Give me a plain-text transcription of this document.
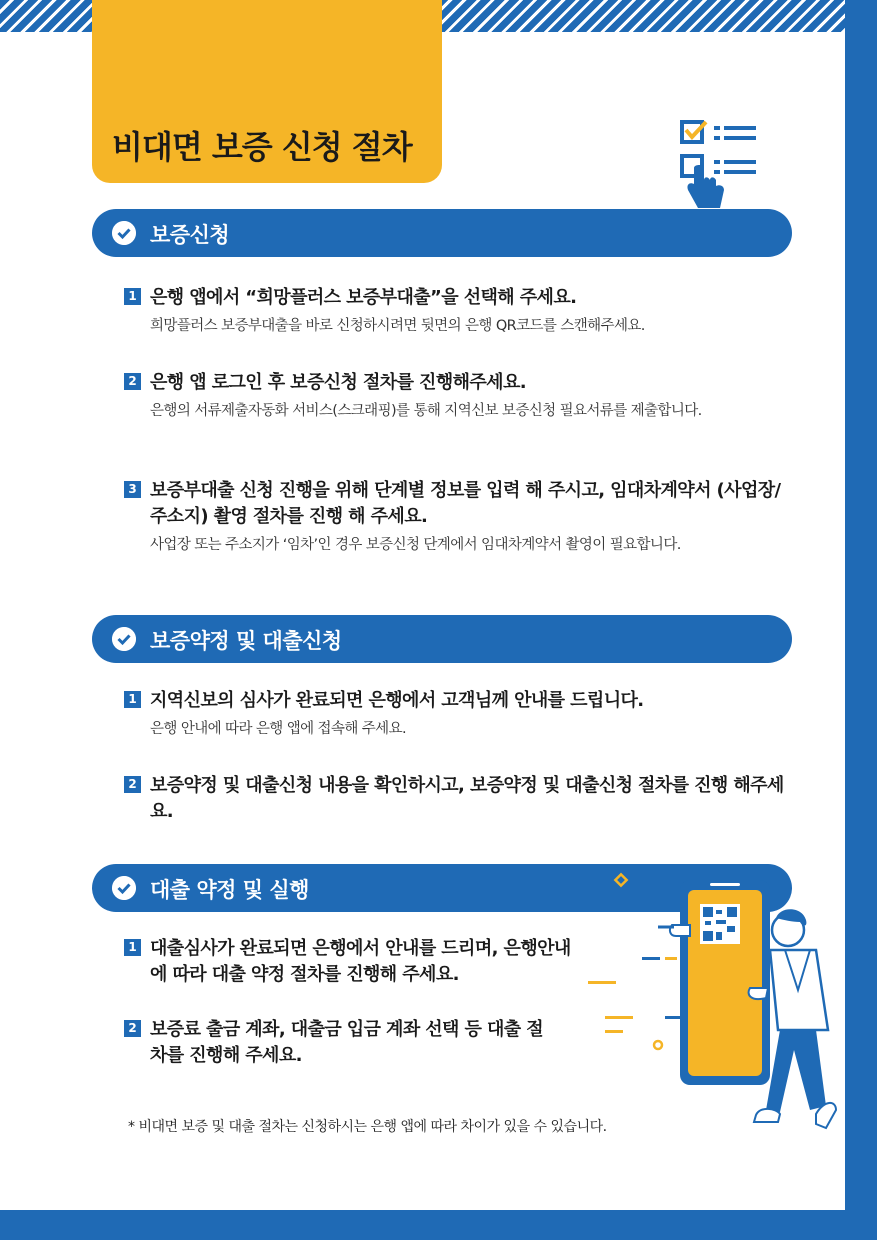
비대면 보증 신청 절차
보증신청
1 은행 앱에서 “희망플러스 보증부대출”을 선택해 주세요.
희망플러스 보증부대출을 바로 신청하시려면 뒷면의 은행 QR코드를 스캔해주세요.
2 은행 앱 로그인 후 보증신청 절차를 진행해주세요.
은행의 서류제출자동화 서비스(스크래핑)를 통해 지역신보 보증신청 필요서류를 제출합니다.
3 보증부대출 신청 진행을 위해 단계별 정보를 입력 해 주시고, 임대차계약서 (사업장/주소지) 촬영 절차를 진행 해 주세요.
사업장 또는 주소지가 ‘임차’인 경우 보증신청 단계에서 임대차계약서 촬영이 필요합니다.
보증약정 및 대출신청
1 지역신보의 심사가 완료되면 은행에서 고객님께 안내를 드립니다.
은행 안내에 따라 은행 앱에 접속해 주세요.
2 보증약정 및 대출신청 내용을 확인하시고, 보증약정 및 대출신청 절차를 진행 해주세요.
대출 약정 및 실행
1 대출심사가 완료되면 은행에서 안내를 드리며, 은행안내에 따라 대출 약정 절차를 진행해 주세요.
2 보증료 출금 계좌, 대출금 입금 계좌 선택 등 대출 절차를 진행해 주세요.
* 비대면 보증 및 대출 절차는 신청하시는 은행 앱에 따라 차이가 있을 수 있습니다.
